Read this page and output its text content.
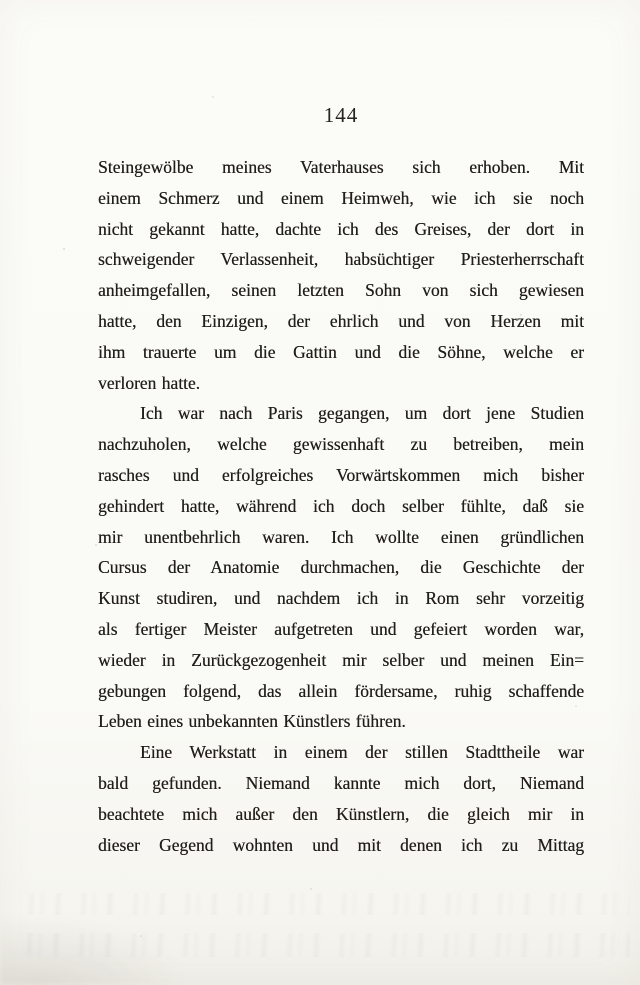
144
Steingewölbe meines Vaterhauses sich erhoben. Mit
einem Schmerz und einem Heimweh, wie ich sie noch
nicht gekannt hatte, dachte ich des Greises, der dort in
schweigender Verlassenheit, habsüchtiger Priesterherrschaft
anheimgefallen, seinen letzten Sohn von sich gewiesen
hatte, den Einzigen, der ehrlich und von Herzen mit
ihm trauerte um die Gattin und die Söhne, welche er
verloren hatte.
Ich war nach Paris gegangen, um dort jene Studien
nachzuholen, welche gewissenhaft zu betreiben, mein
rasches und erfolgreiches Vorwärtskommen mich bisher
gehindert hatte, während ich doch selber fühlte, daß sie
mir unentbehrlich waren. Ich wollte einen gründlichen
Cursus der Anatomie durchmachen, die Geschichte der
Kunst studiren, und nachdem ich in Rom sehr vorzeitig
als fertiger Meister aufgetreten und gefeiert worden war,
wieder in Zurückgezogenheit mir selber und meinen Ein=
gebungen folgend, das allein fördersame, ruhig schaffende
Leben eines unbekannten Künstlers führen.
Eine Werkstatt in einem der stillen Stadttheile war
bald gefunden. Niemand kannte mich dort, Niemand
beachtete mich außer den Künstlern, die gleich mir in
dieser Gegend wohnten und mit denen ich zu Mittag
